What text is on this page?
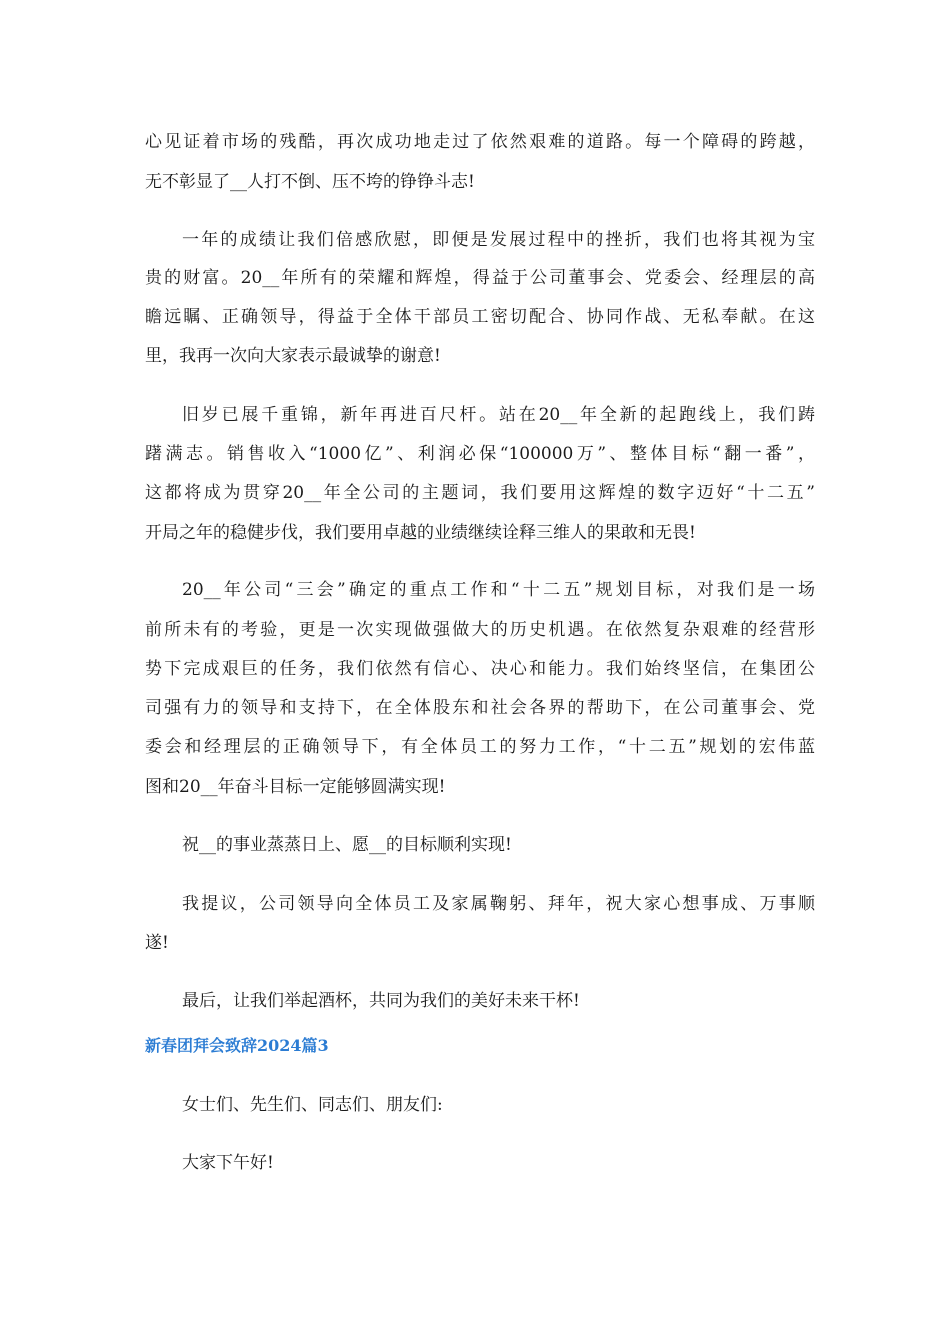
心见证着市场的残酷，再次成功地走过了依然艰难的道路。每一个障碍的跨越，
无不彰显了__人打不倒、压不垮的铮铮斗志!
一年的成绩让我们倍感欣慰，即便是发展过程中的挫折，我们也将其视为宝
贵的财富。20__年所有的荣耀和辉煌，得益于公司董事会、党委会、经理层的高
瞻远瞩、正确领导，得益于全体干部员工密切配合、协同作战、无私奉献。在这
里，我再一次向大家表示最诚挚的谢意!
旧岁已展千重锦，新年再进百尺杆。站在20__年全新的起跑线上，我们踌
躇满志。销售收入“1000亿”、利润必保“100000万”、整体目标“翻一番”，
这都将成为贯穿20__年全公司的主题词，我们要用这辉煌的数字迈好“十二五”
开局之年的稳健步伐，我们要用卓越的业绩继续诠释三维人的果敢和无畏!
20__年公司“三会”确定的重点工作和“十二五”规划目标，对我们是一场
前所未有的考验，更是一次实现做强做大的历史机遇。在依然复杂艰难的经营形
势下完成艰巨的任务，我们依然有信心、决心和能力。我们始终坚信，在集团公
司强有力的领导和支持下，在全体股东和社会各界的帮助下，在公司董事会、党
委会和经理层的正确领导下，有全体员工的努力工作，“十二五”规划的宏伟蓝
图和20__年奋斗目标一定能够圆满实现!
祝__的事业蒸蒸日上、愿__的目标顺利实现!
我提议，公司领导向全体员工及家属鞠躬、拜年，祝大家心想事成、万事顺
遂!
最后，让我们举起酒杯，共同为我们的美好未来干杯!
新春团拜会致辞2024篇3
女士们、先生们、同志们、朋友们:
大家下午好!
